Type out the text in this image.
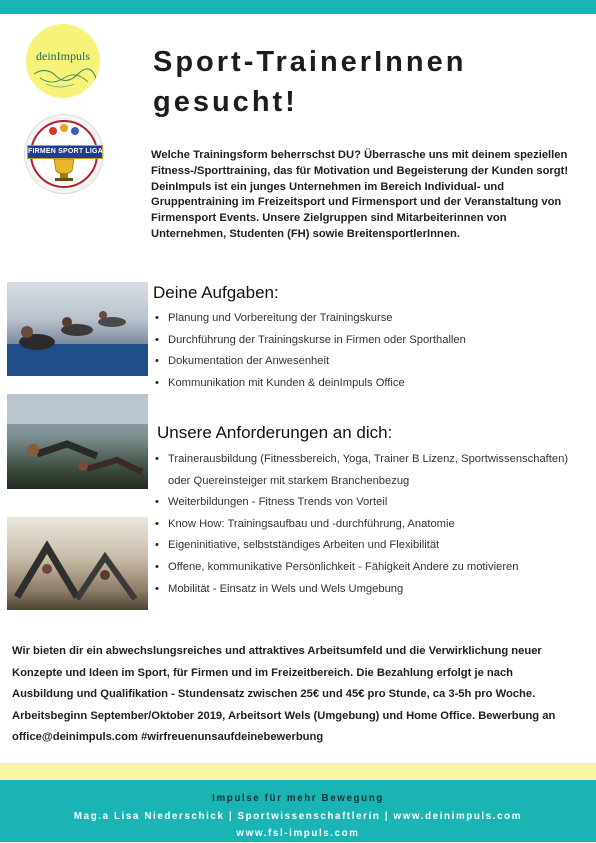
deinImpuls
FIRMEN SPORT LIGA
Sport-TrainerInnen gesucht!

Welche Trainingsform beherrschst DU? Überrasche uns mit deinem speziellen Fitness-/Sporttraining, das für Motivation und Begeisterung der Kunden sorgt! DeinImpuls ist ein junges Unternehmen im Bereich Individual- und Gruppentraining im Freizeitsport und Firmensport und der Veranstaltung von Firmensport Events. Unsere Zielgruppen sind Mitarbeiterinnen von Unternehmen, Studenten (FH) sowie BreitensportlerInnen.

Deine Aufgaben:
• Planung und Vorbereitung der Trainingskurse
• Durchführung der Trainingskurse in Firmen oder Sporthallen
• Dokumentation der Anwesenheit
• Kommunikation mit Kunden & deinImpuls Office
Unsere Anforderungen an dich:
• Trainerausbildung (Fitnessbereich, Yoga, Trainer B Lizenz, Sportwissenschaften) oder Quereinsteiger mit starkem Branchenbezug
• Weiterbildungen - Fitness Trends von Vorteil
• Know How: Trainingsaufbau und -durchführung, Anatomie
• Eigeninitiative, selbstständiges Arbeiten und Flexibilität
• Offene, kommunikative Persönlichkeit - Fähigkeit Andere zu motivieren
• Mobilität - Einsatz in Wels und Wels Umgebung

Wir bieten dir ein abwechslungsreiches und attraktives Arbeitsumfeld und die Verwirklichung neuer Konzepte und Ideen im Sport, für Firmen und im Freizeitbereich. Die Bezahlung erfolgt je nach Ausbildung und Qualifikation - Stundensatz zwischen 25€ und 45€ pro Stunde, ca 3-5h pro Woche. Arbeitsbeginn September/Oktober 2019, Arbeitsort Wels (Umgebung) und Home Office. Bewerbung an office@deinimpuls.com #wirfreuenunsaufdeinebewerbung

Impulse für mehr Bewegung
Mag.a Lisa Niederschick | Sportwissenschaftlerin | www.deinimpuls.com
www.fsl-impuls.com
